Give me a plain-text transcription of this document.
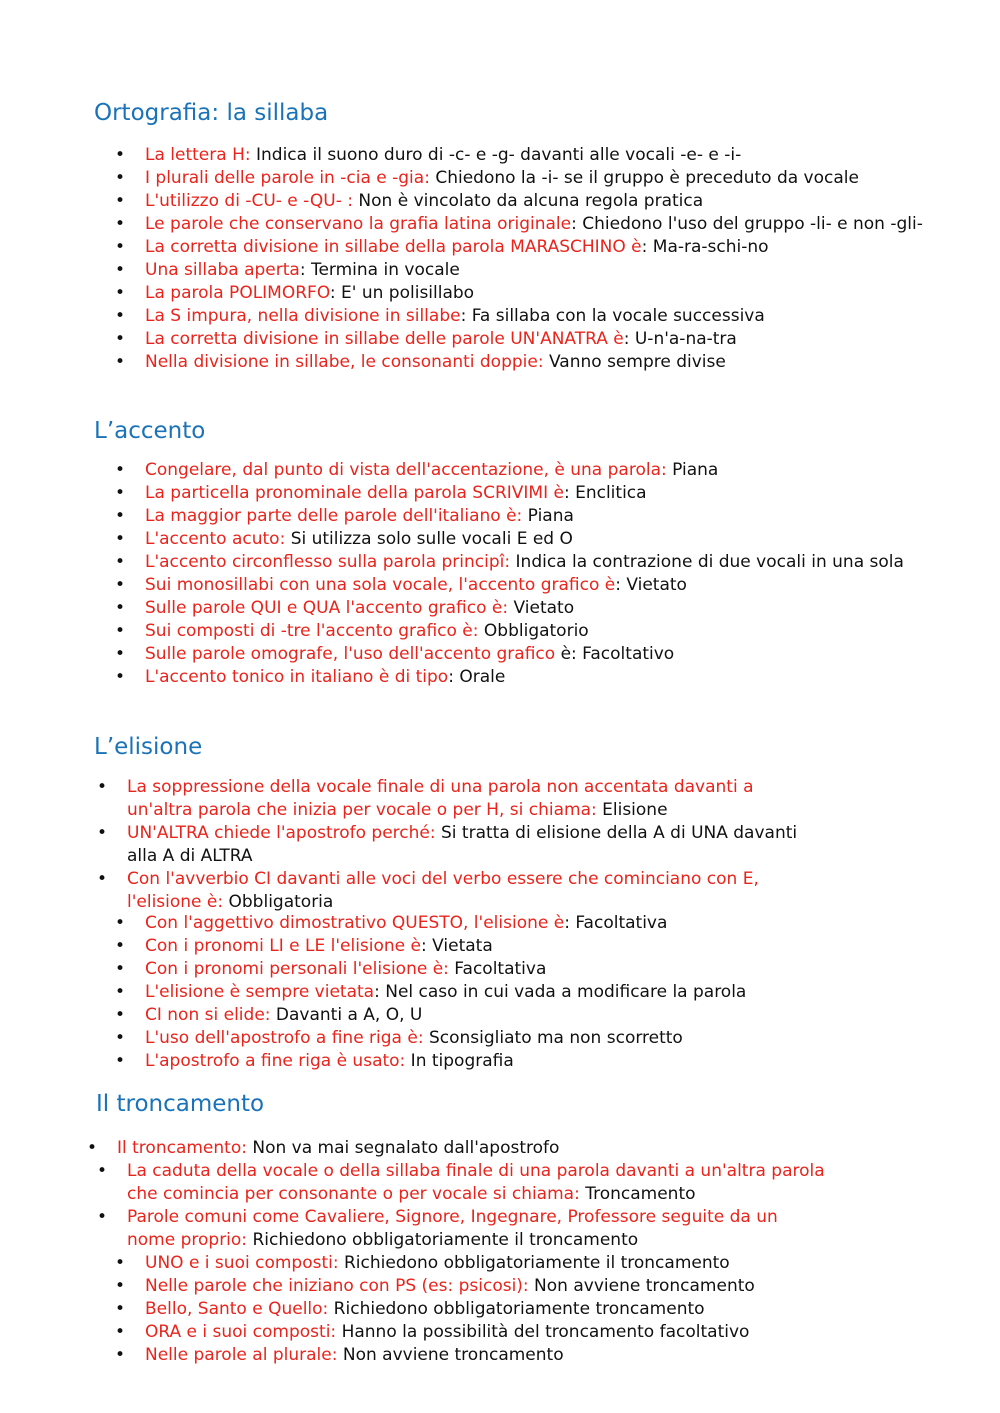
Ortografia: la sillaba
• La lettera H: Indica il suono duro di -c- e -g- davanti alle vocali -e- e -i-
• I plurali delle parole in -cia e -gia: Chiedono la -i- se il gruppo è preceduto da vocale
• L'utilizzo di -CU- e -QU- : Non è vincolato da alcuna regola pratica
• Le parole che conservano la grafia latina originale: Chiedono l'uso del gruppo -li- e non -gli-
• La corretta divisione in sillabe della parola MARASCHINO è: Ma-ra-schi-no
• Una sillaba aperta: Termina in vocale
• La parola POLIMORFO: E' un polisillabo
• La S impura, nella divisione in sillabe: Fa sillaba con la vocale successiva
• La corretta divisione in sillabe delle parole UN'ANATRA è: U-n'a-na-tra
• Nella divisione in sillabe, le consonanti doppie: Vanno sempre divise
L’accento
• Congelare, dal punto di vista dell'accentazione, è una parola: Piana
• La particella pronominale della parola SCRIVIMI è: Enclitica
• La maggior parte delle parole dell'italiano è: Piana
• L'accento acuto: Si utilizza solo sulle vocali E ed O
• L'accento circonflesso sulla parola principî: Indica la contrazione di due vocali in una sola
• Sui monosillabi con una sola vocale, l'accento grafico è: Vietato
• Sulle parole QUI e QUA l'accento grafico è: Vietato
• Sui composti di -tre l'accento grafico è: Obbligatorio
• Sulle parole omografe, l'uso dell'accento grafico è: Facoltativo
• L'accento tonico in italiano è di tipo: Orale
L’elisione
• La soppressione della vocale finale di una parola non accentata davanti a un'altra parola che inizia per vocale o per H, si chiama: Elisione
• UN'ALTRA chiede l'apostrofo perché: Si tratta di elisione della A di UNA davanti alla A di ALTRA
• Con l'avverbio CI davanti alle voci del verbo essere che cominciano con E, l'elisione è: Obbligatoria
• Con l'aggettivo dimostrativo QUESTO, l'elisione è: Facoltativa
• Con i pronomi LI e LE l'elisione è: Vietata
• Con i pronomi personali l'elisione è: Facoltativa
• L'elisione è sempre vietata: Nel caso in cui vada a modificare la parola
• CI non si elide: Davanti a A, O, U
• L'uso dell'apostrofo a fine riga è: Sconsigliato ma non scorretto
• L'apostrofo a fine riga è usato: In tipografia
Il troncamento
• Il troncamento: Non va mai segnalato dall'apostrofo
• La caduta della vocale o della sillaba finale di una parola davanti a un'altra parola che comincia per consonante o per vocale si chiama: Troncamento
• Parole comuni come Cavaliere, Signore, Ingegnare, Professore seguite da un nome proprio: Richiedono obbligatoriamente il troncamento
• UNO e i suoi composti: Richiedono obbligatoriamente il troncamento
• Nelle parole che iniziano con PS (es: psicosi): Non avviene troncamento
• Bello, Santo e Quello: Richiedono obbligatoriamente troncamento
• ORA e i suoi composti: Hanno la possibilità del troncamento facoltativo
• Nelle parole al plurale: Non avviene troncamento
